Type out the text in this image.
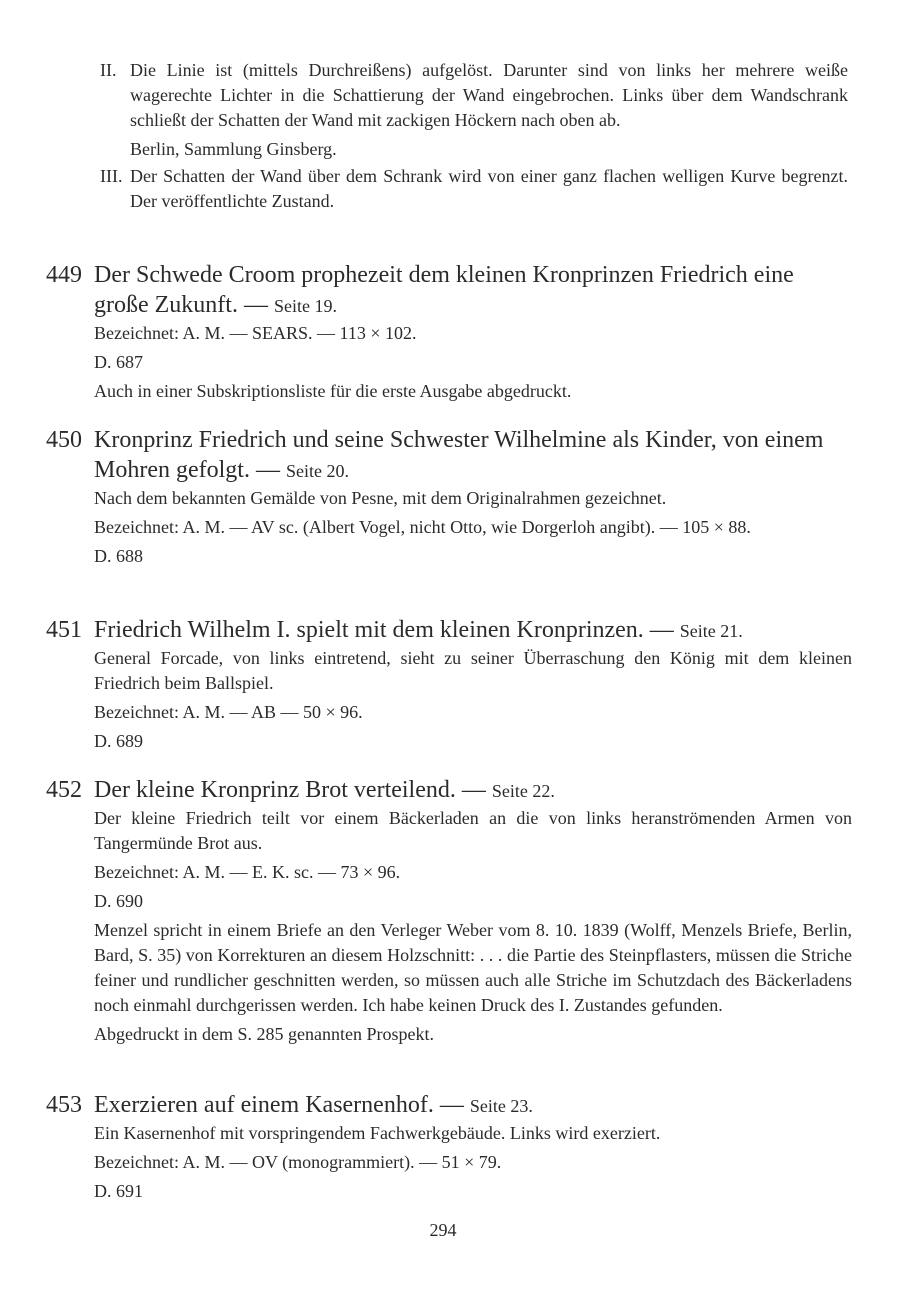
II. Die Linie ist (mittels Durchreißens) aufgelöst. Darunter sind von links her mehrere weiße wagerechte Lichter in die Schattierung der Wand eingebrochen. Links über dem Wandschrank schließt der Schatten der Wand mit zackigen Höckern nach oben ab.
Berlin, Sammlung Ginsberg.
III. Der Schatten der Wand über dem Schrank wird von einer ganz flachen welligen Kurve begrenzt. Der veröffentlichte Zustand.
449 Der Schwede Croom prophezeit dem kleinen Kronprinzen Friedrich eine große Zukunft. — Seite 19.
Bezeichnet: A. M. — SEARS. — 113 × 102.
D. 687
Auch in einer Subskriptionsliste für die erste Ausgabe abgedruckt.
450 Kronprinz Friedrich und seine Schwester Wilhelmine als Kinder, von einem Mohren gefolgt. — Seite 20.
Nach dem bekannten Gemälde von Pesne, mit dem Originalrahmen gezeichnet.
Bezeichnet: A. M. — AV sc. (Albert Vogel, nicht Otto, wie Dorgerloh angibt). — 105 × 88.
D. 688
451 Friedrich Wilhelm I. spielt mit dem kleinen Kronprinzen. — Seite 21.
General Forcade, von links eintretend, sieht zu seiner Überraschung den König mit dem kleinen Friedrich beim Ballspiel.
Bezeichnet: A. M. — AB — 50 × 96.
D. 689
452 Der kleine Kronprinz Brot verteilend. — Seite 22.
Der kleine Friedrich teilt vor einem Bäckerladen an die von links heranströmenden Armen von Tangermünde Brot aus.
Bezeichnet: A. M. — E. K. sc. — 73 × 96.
D. 690
Menzel spricht in einem Briefe an den Verleger Weber vom 8. 10. 1839 (Wolff, Menzels Briefe, Berlin, Bard, S. 35) von Korrekturen an diesem Holzschnitt: . . . die Partie des Steinpflasters, müssen die Striche feiner und rundlicher geschnitten werden, so müssen auch alle Striche im Schutzdach des Bäckerladens noch einmahl durchgerissen werden. Ich habe keinen Druck des I. Zustandes gefunden.
Abgedruckt in dem S. 285 genannten Prospekt.
453 Exerzieren auf einem Kasernenhof. — Seite 23.
Ein Kasernenhof mit vorspringendem Fachwerkgebäude. Links wird exerziert.
Bezeichnet: A. M. — OV (monogrammiert). — 51 × 79.
D. 691
294
